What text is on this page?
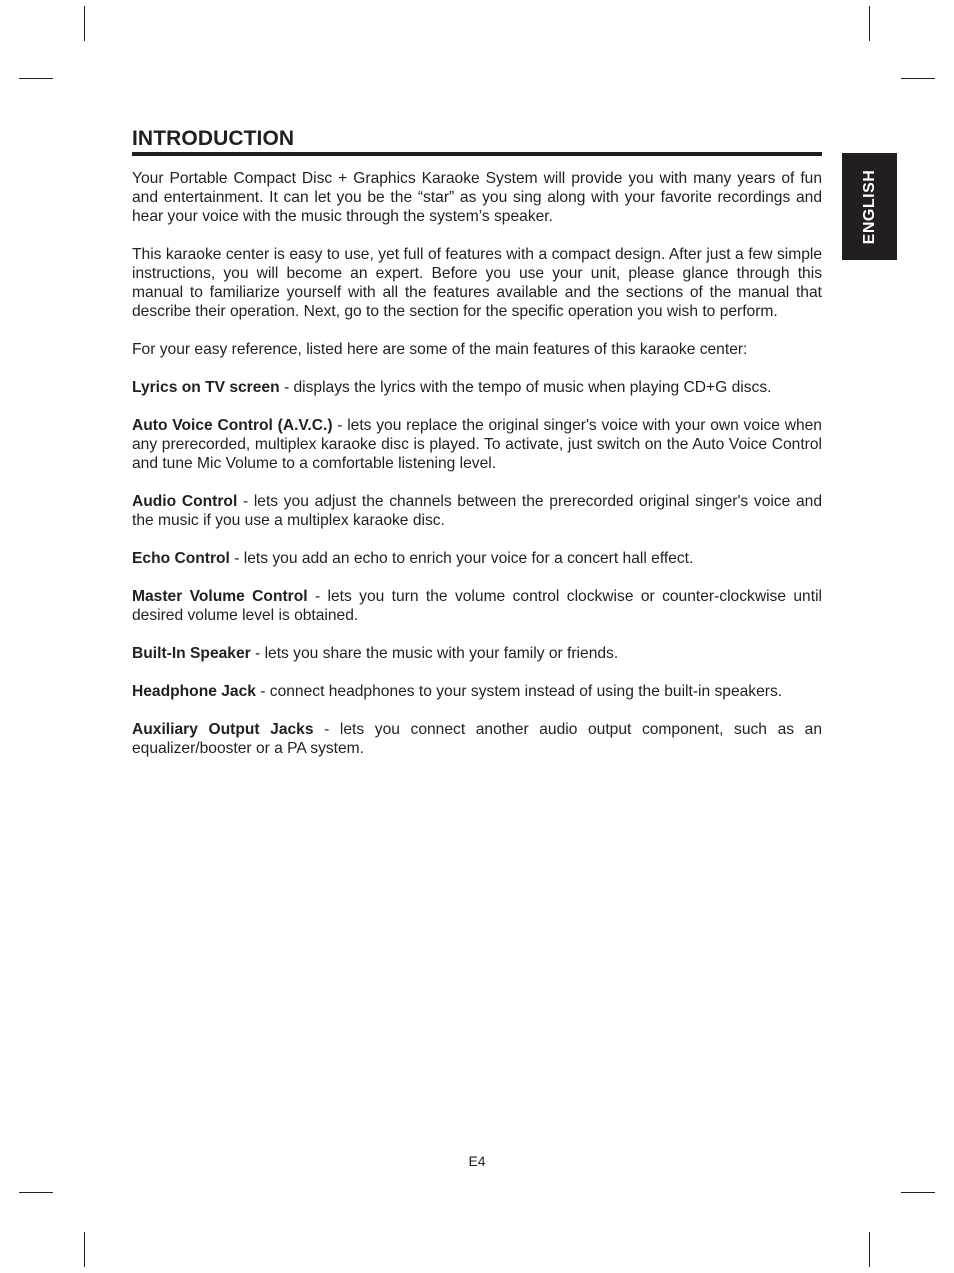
INTRODUCTION
ENGLISH

Your Portable Compact Disc + Graphics Karaoke System will provide you with many years of fun and entertainment. It can let you be the “star” as you sing along with your favorite recordings and hear your voice with the music through the system’s speaker.

This karaoke center is easy to use, yet full of features with a compact design. After just a few simple instructions, you will become an expert. Before you use your unit, please glance through this manual to familiarize yourself with all the features available and the sections of the manual that describe their operation. Next, go to the section for the specific operation you wish to perform.

For your easy reference, listed here are some of the main features of this karaoke center:

Lyrics on TV screen - displays the lyrics with the tempo of music when playing CD+G discs.

Auto Voice Control (A.V.C.) - lets you replace the original singer's voice with your own voice when any prerecorded, multiplex karaoke disc is played. To activate, just switch on the Auto Voice Control and tune Mic Volume to a comfortable listening level.

Audio Control - lets you adjust the channels between the prerecorded original singer's voice and the music if you use a multiplex karaoke disc.

Echo Control - lets you add an echo to enrich your voice for a concert hall effect.

Master Volume Control - lets you turn the volume control clockwise or counter-clockwise until desired volume level is obtained.

Built-In Speaker - lets you share the music with your family or friends.

Headphone Jack - connect headphones to your system instead of using the built-in speakers.

Auxiliary Output Jacks - lets you connect another audio output component, such as an equalizer/booster or a PA system.

E4
